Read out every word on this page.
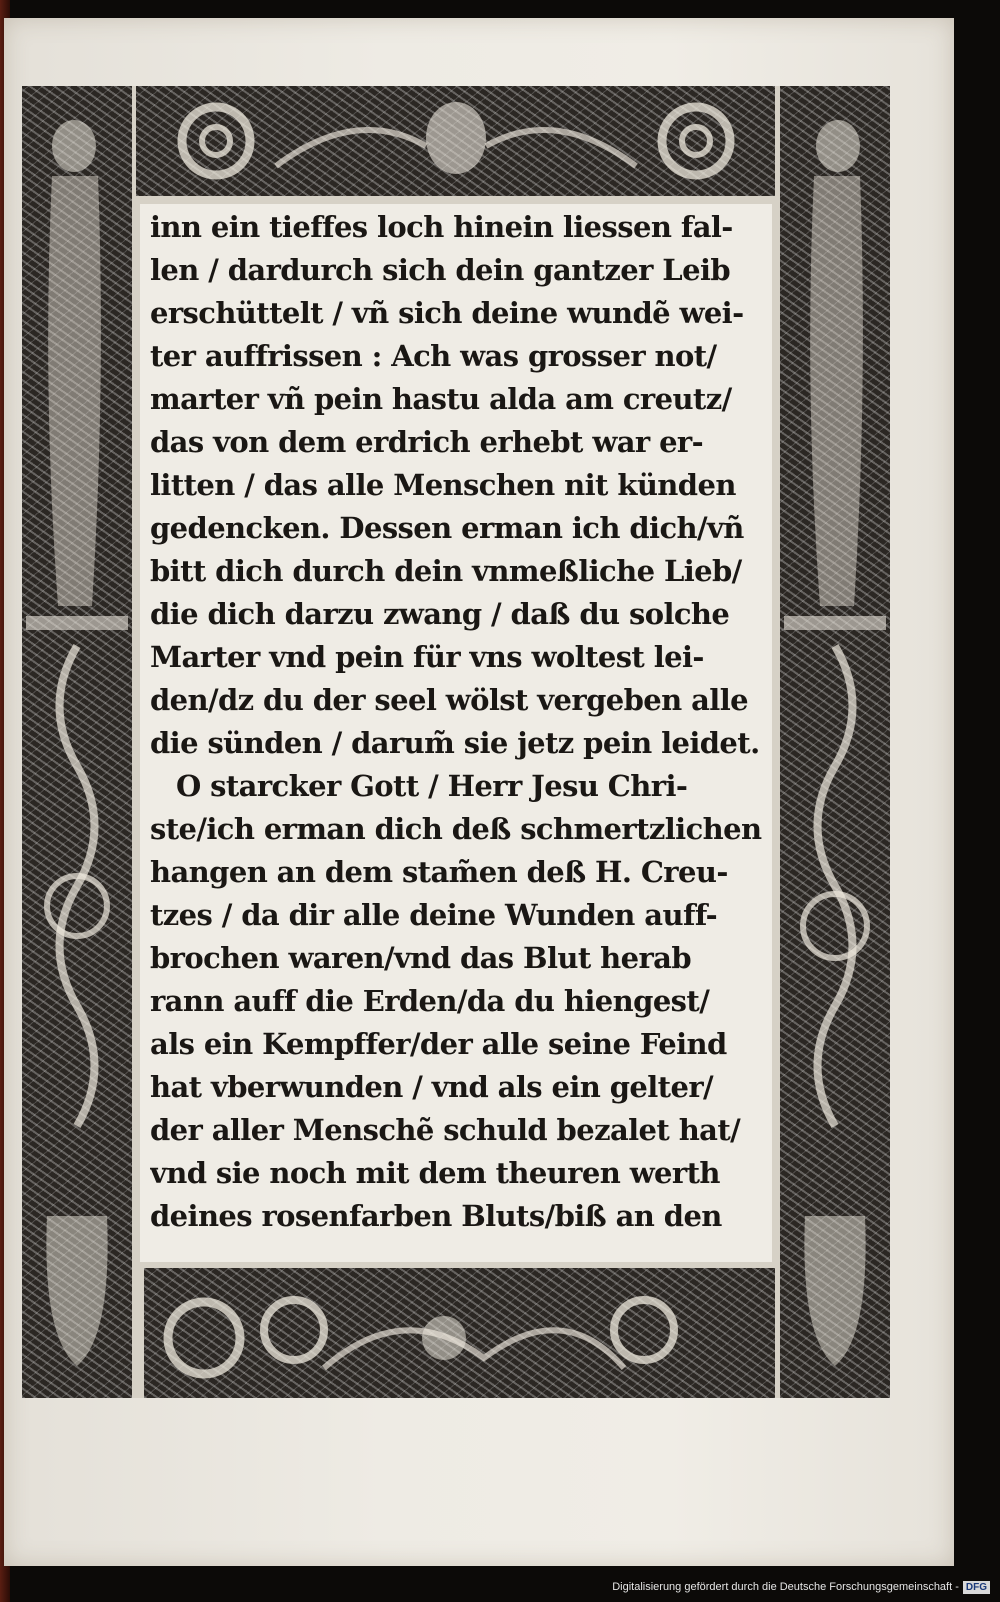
inn ein tieffes loch hinein liessen fal-
len / dardurch sich dein gantzer Leib
erschüttelt / vñ sich deine wundẽ wei-
ter auffrissen : Ach was grosser not/
marter vñ pein hastu alda am creutz/
das von dem erdrich erhebt war er-
litten / das alle Menschen nit künden
gedencken. Dessen erman ich dich/vñ
bitt dich durch dein vnmeßliche Lieb/
die dich darzu zwang / daß du solche
Marter vnd pein für vns woltest lei-
den/dz du der seel wölst vergeben alle
die sünden / darum̃ sie jetz pein leidet.
O starcker Gott / Herr Jesu Chri-
ste/ich erman dich deß schmertzlichen
hangen an dem stam̃en deß H. Creu-
tzes / da dir alle deine Wunden auff-
brochen waren/vnd das Blut herab
rann auff die Erden/da du hiengest/
als ein Kempffer/der alle seine Feind
hat vberwunden / vnd als ein gelter/
der aller Menschẽ schuld bezalet hat/
vnd sie noch mit dem theuren werth
deines rosenfarben Bluts/biß an den
Digitalisierung gefördert durch die Deutsche Forschungsgemeinschaft - DFG
